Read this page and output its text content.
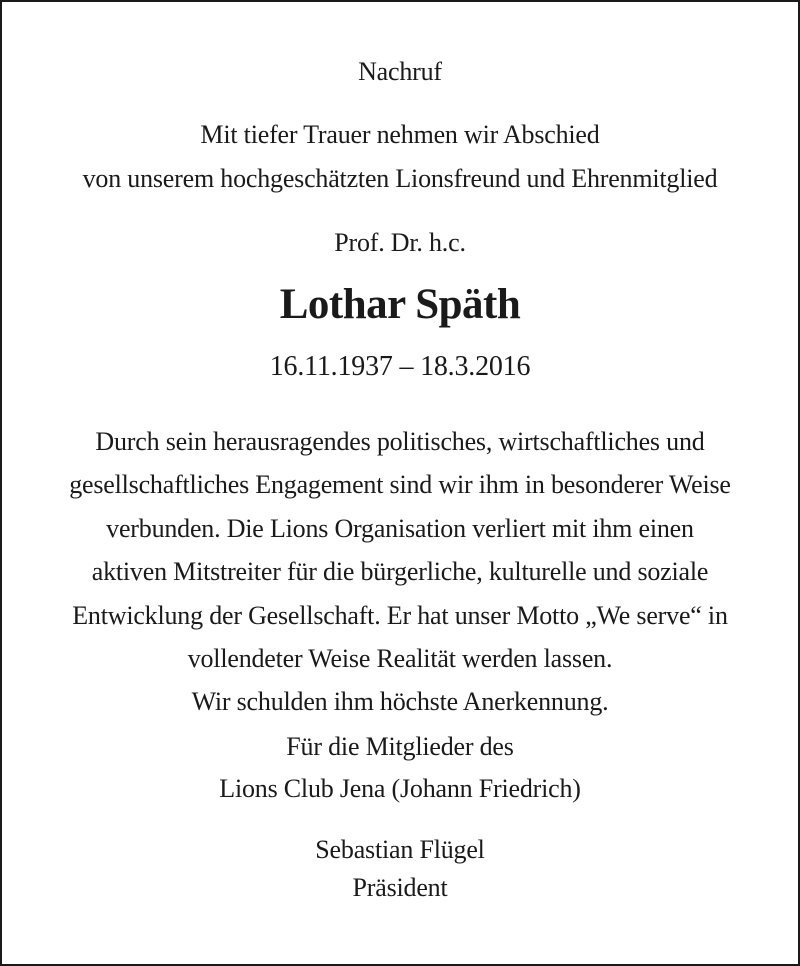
Nachruf
Mit tiefer Trauer nehmen wir Abschied
von unserem hochgeschätzten Lionsfreund und Ehrenmitglied
Prof. Dr. h.c.
Lothar Späth
16.11.1937 – 18.3.2016
Durch sein herausragendes politisches, wirtschaftliches und
gesellschaftliches Engagement sind wir ihm in besonderer Weise
verbunden. Die Lions Organisation verliert mit ihm einen
aktiven Mitstreiter für die bürgerliche, kulturelle und soziale
Entwicklung der Gesellschaft. Er hat unser Motto „We serve“ in
vollendeter Weise Realität werden lassen.
Wir schulden ihm höchste Anerkennung.
Für die Mitglieder des
Lions Club Jena (Johann Friedrich)
Sebastian Flügel
Präsident
